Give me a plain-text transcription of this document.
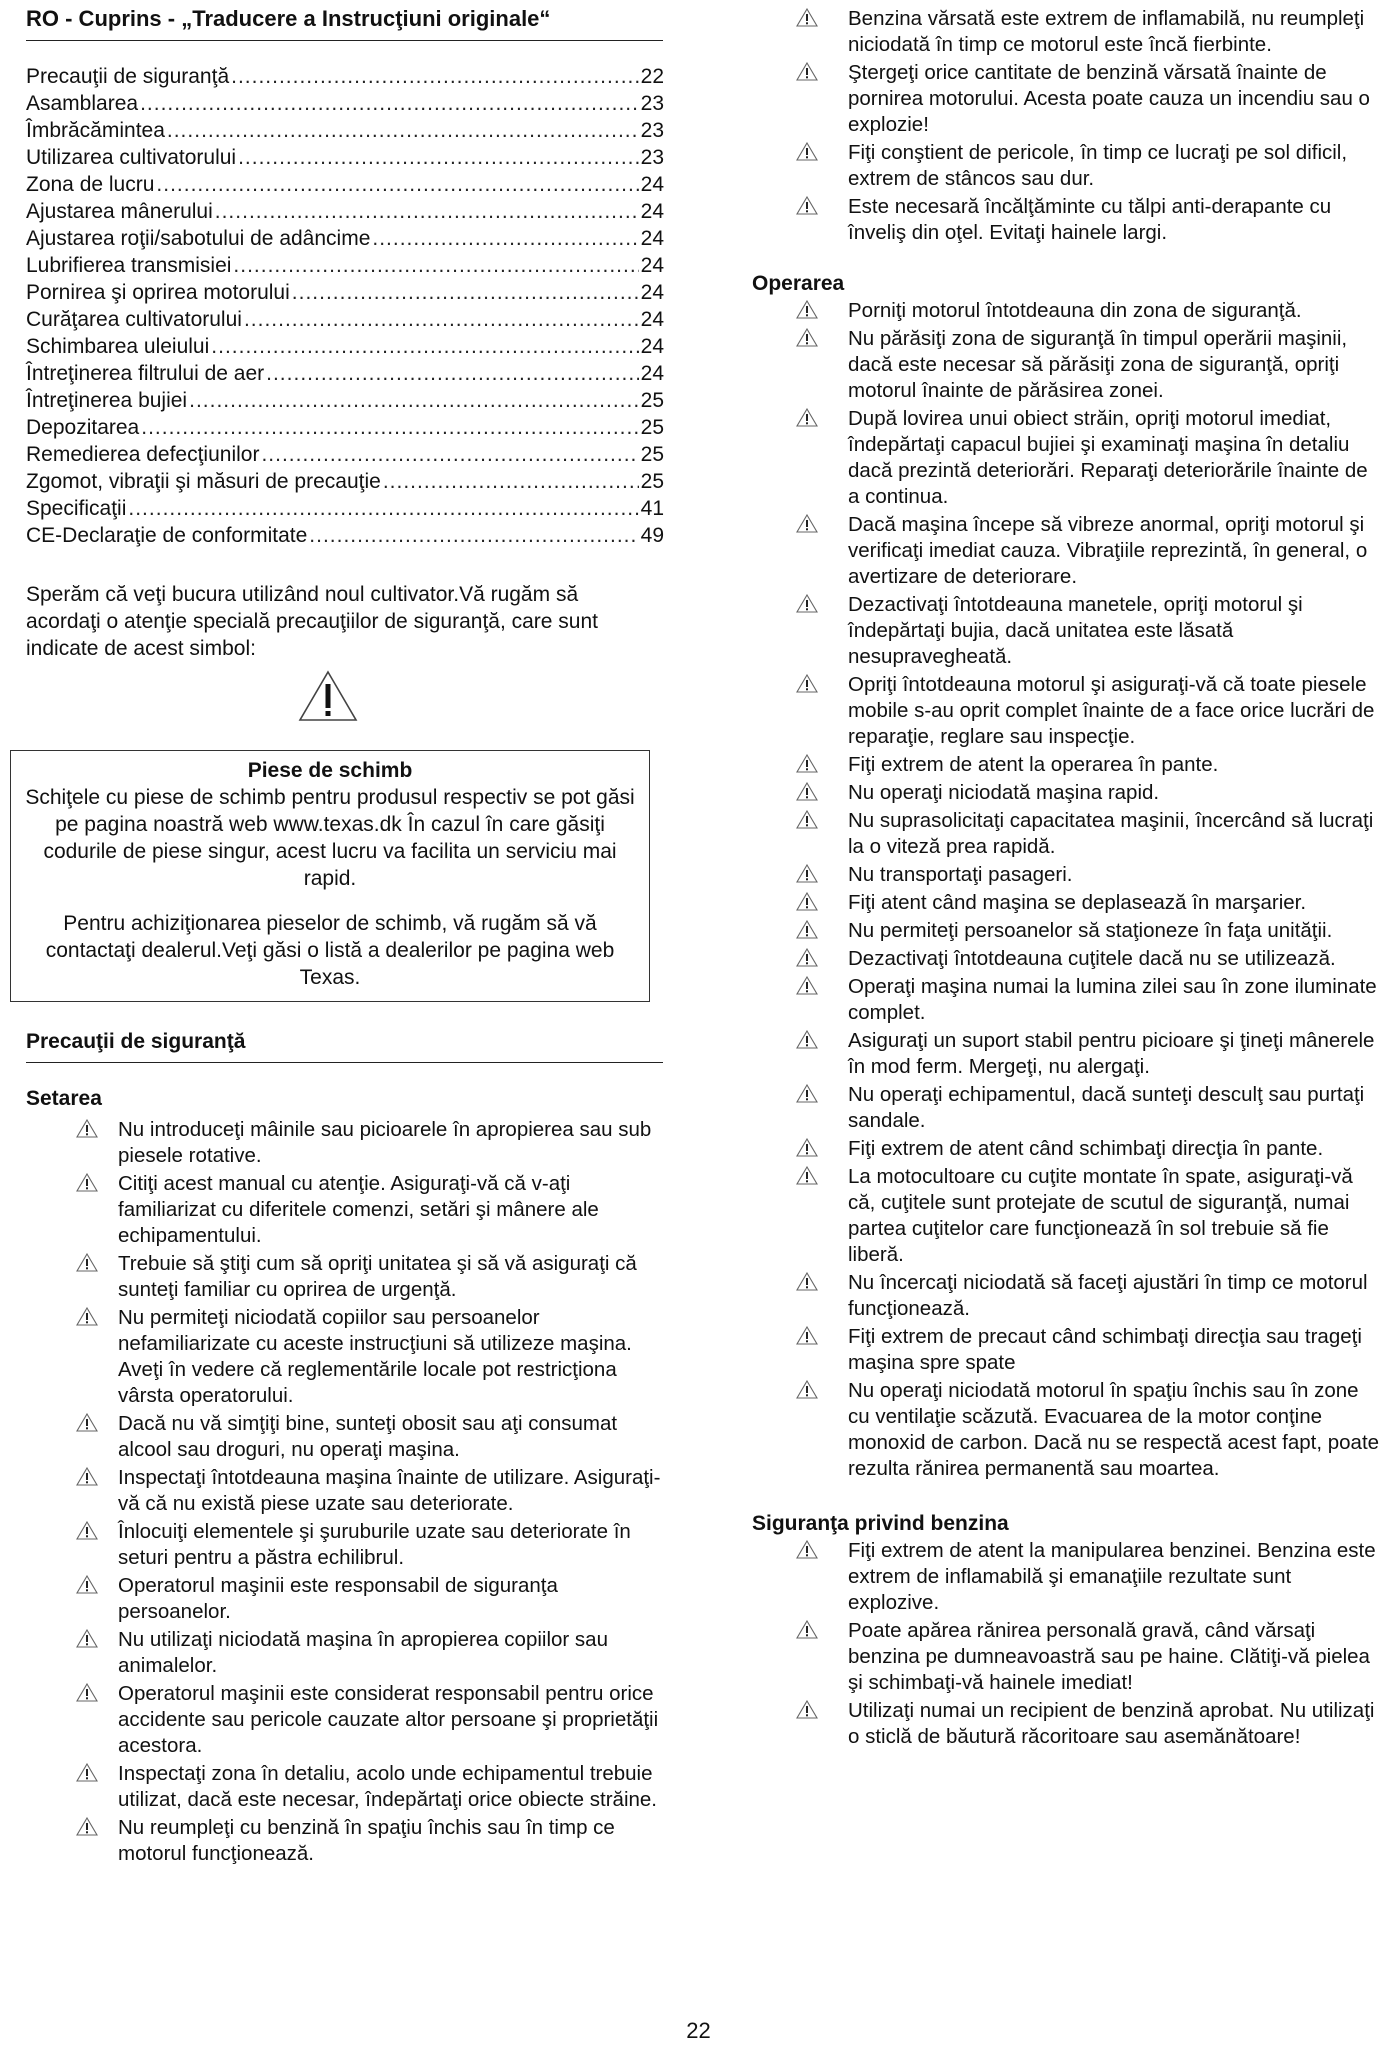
RO - Cuprins - „Traducere a Instrucţiuni originale“
Precauţii de siguranţă .....	22
Asamblarea .....	23
Îmbrăcămintea .....	23
Utilizarea cultivatorului .....	23
Zona de lucru .....	24
Ajustarea mânerului .....	24
Ajustarea roţii/sabotului de adâncime .....	24
Lubrifierea transmisiei .....	24
Pornirea şi oprirea motorului .....	24
Curăţarea cultivatorului .....	24
Schimbarea uleiului .....	24
Întreţinerea filtrului de aer .....	24
Întreţinerea bujiei .....	25
Depozitarea .....	25
Remedierea defecţiunilor .....	25
Zgomot, vibraţii şi măsuri de precauţie .....	25
Specificaţii .....	41
CE-Declaraţie de conformitate .....	49
Sperăm că veţi bucura utilizând noul cultivator.Vă rugăm să acordaţi o atenţie specială precauţiilor de siguranţă, care sunt indicate de acest simbol:
Piese de schimb

Schiţele cu piese de schimb pentru produsul respectiv se pot găsi pe pagina noastră web www.texas.dk În cazul în care găsiţi codurile de piese singur, acest lucru va facilita un serviciu mai rapid.

Pentru achiziţionarea pieselor de schimb, vă rugăm să vă contactaţi dealerul.Veţi găsi o listă a dealerilor pe pagina web Texas.

Precauţii de siguranţă
Setarea
Nu introduceţi mâinile sau picioarele în apropierea sau sub piesele rotative.
Citiţi acest manual cu atenţie. Asiguraţi-vă că v-aţi familiarizat cu diferitele comenzi, setări şi mânere ale echipamentului.
Trebuie să ştiţi cum să opriţi unitatea şi să vă asiguraţi că sunteţi familiar cu oprirea de urgenţă.
Nu permiteţi niciodată copiilor sau persoanelor nefamiliarizate cu aceste instrucţiuni să utilizeze maşina. Aveţi în vedere că reglementările locale pot restricţiona vârsta operatorului.
Dacă nu vă simţiţi bine, sunteţi obosit sau aţi consumat alcool sau droguri, nu operaţi maşina.
Inspectaţi întotdeauna maşina înainte de utilizare. Asiguraţi-vă că nu există piese uzate sau deteriorate.
Înlocuiţi elementele şi şuruburile uzate sau deteriorate în seturi pentru a păstra echilibrul.
Operatorul maşinii este responsabil de siguranţa persoanelor.
Nu utilizaţi niciodată maşina în apropierea copiilor sau animalelor.
Operatorul maşinii este considerat responsabil pentru orice accidente sau pericole cauzate altor persoane şi proprietăţii acestora.
Inspectaţi zona în detaliu, acolo unde echipamentul trebuie utilizat, dacă este necesar, îndepărtaţi orice obiecte străine.
Nu reumpleţi cu benzină în spaţiu închis sau în timp ce motorul funcţionează.
Benzina vărsată este extrem de inflamabilă, nu reumpleţi niciodată în timp ce motorul este încă fierbinte.
Ştergeţi orice cantitate de benzină vărsată înainte de pornirea motorului. Acesta poate cauza un incendiu sau o explozie!
Fiţi conştient de pericole, în timp ce lucraţi pe sol dificil, extrem de stâncos sau dur.
Este necesară încălţăminte cu tălpi anti-derapante cu înveliş din oţel. Evitaţi hainele largi.
Operarea
Porniţi motorul întotdeauna din zona de siguranţă.
Nu părăsiţi zona de siguranţă în timpul operării maşinii, dacă este necesar să părăsiţi zona de siguranţă, opriţi motorul înainte de părăsirea zonei.
După lovirea unui obiect străin, opriţi motorul imediat, îndepărtaţi capacul bujiei şi examinaţi maşina în detaliu dacă prezintă deteriorări. Reparaţi deteriorările înainte de a continua.
Dacă maşina începe să vibreze anormal, opriţi motorul şi verificaţi imediat cauza. Vibraţiile reprezintă, în general, o avertizare de deteriorare.
Dezactivaţi întotdeauna manetele, opriţi motorul şi îndepărtaţi bujia, dacă unitatea este lăsată nesupravegheată.
Opriţi întotdeauna motorul şi asiguraţi-vă că toate piesele mobile s-au oprit complet înainte de a face orice lucrări de reparaţie, reglare sau inspecţie.
Fiţi extrem de atent la operarea în pante.
Nu operaţi niciodată maşina rapid.
Nu suprasolicitaţi capacitatea maşinii, încercând să lucraţi la o viteză prea rapidă.
Nu transportaţi pasageri.
Fiţi atent când maşina se deplasează în marşarier.
Nu permiteţi persoanelor să staţioneze în faţa unităţii.
Dezactivaţi întotdeauna cuţitele dacă nu se utilizează.
Operaţi maşina numai la lumina zilei sau în zone iluminate complet.
Asiguraţi un suport stabil pentru picioare şi ţineţi mânerele în mod ferm. Mergeţi, nu alergaţi.
Nu operaţi echipamentul, dacă sunteţi desculţ sau purtaţi sandale.
Fiţi extrem de atent când schimbaţi direcţia în pante.
La motocultoare cu cuţite montate în spate, asiguraţi-vă că, cuţitele sunt protejate de scutul de siguranţă, numai partea cuţitelor care funcţionează în sol trebuie să fie liberă.
Nu încercaţi niciodată să faceţi ajustări în timp ce motorul funcţionează.
Fiţi extrem de precaut când schimbaţi direcţia sau trageţi maşina spre spate
Nu operaţi niciodată motorul în spaţiu închis sau în zone cu ventilaţie scăzută. Evacuarea de la motor conţine monoxid de carbon. Dacă nu se respectă acest fapt, poate rezulta rănirea permanentă sau moartea.
Siguranţa privind benzina
Fiţi extrem de atent la manipularea benzinei. Benzina este extrem de inflamabilă şi emanaţiile rezultate sunt explozive.
Poate apărea rănirea personală gravă, când vărsaţi benzina pe dumneavoastră sau pe haine. Clătiţi-vă pielea şi schimbaţi-vă hainele imediat!
Utilizaţi numai un recipient de benzină aprobat. Nu utilizaţi o sticlă de băutură răcoritoare sau asemănătoare!
22
